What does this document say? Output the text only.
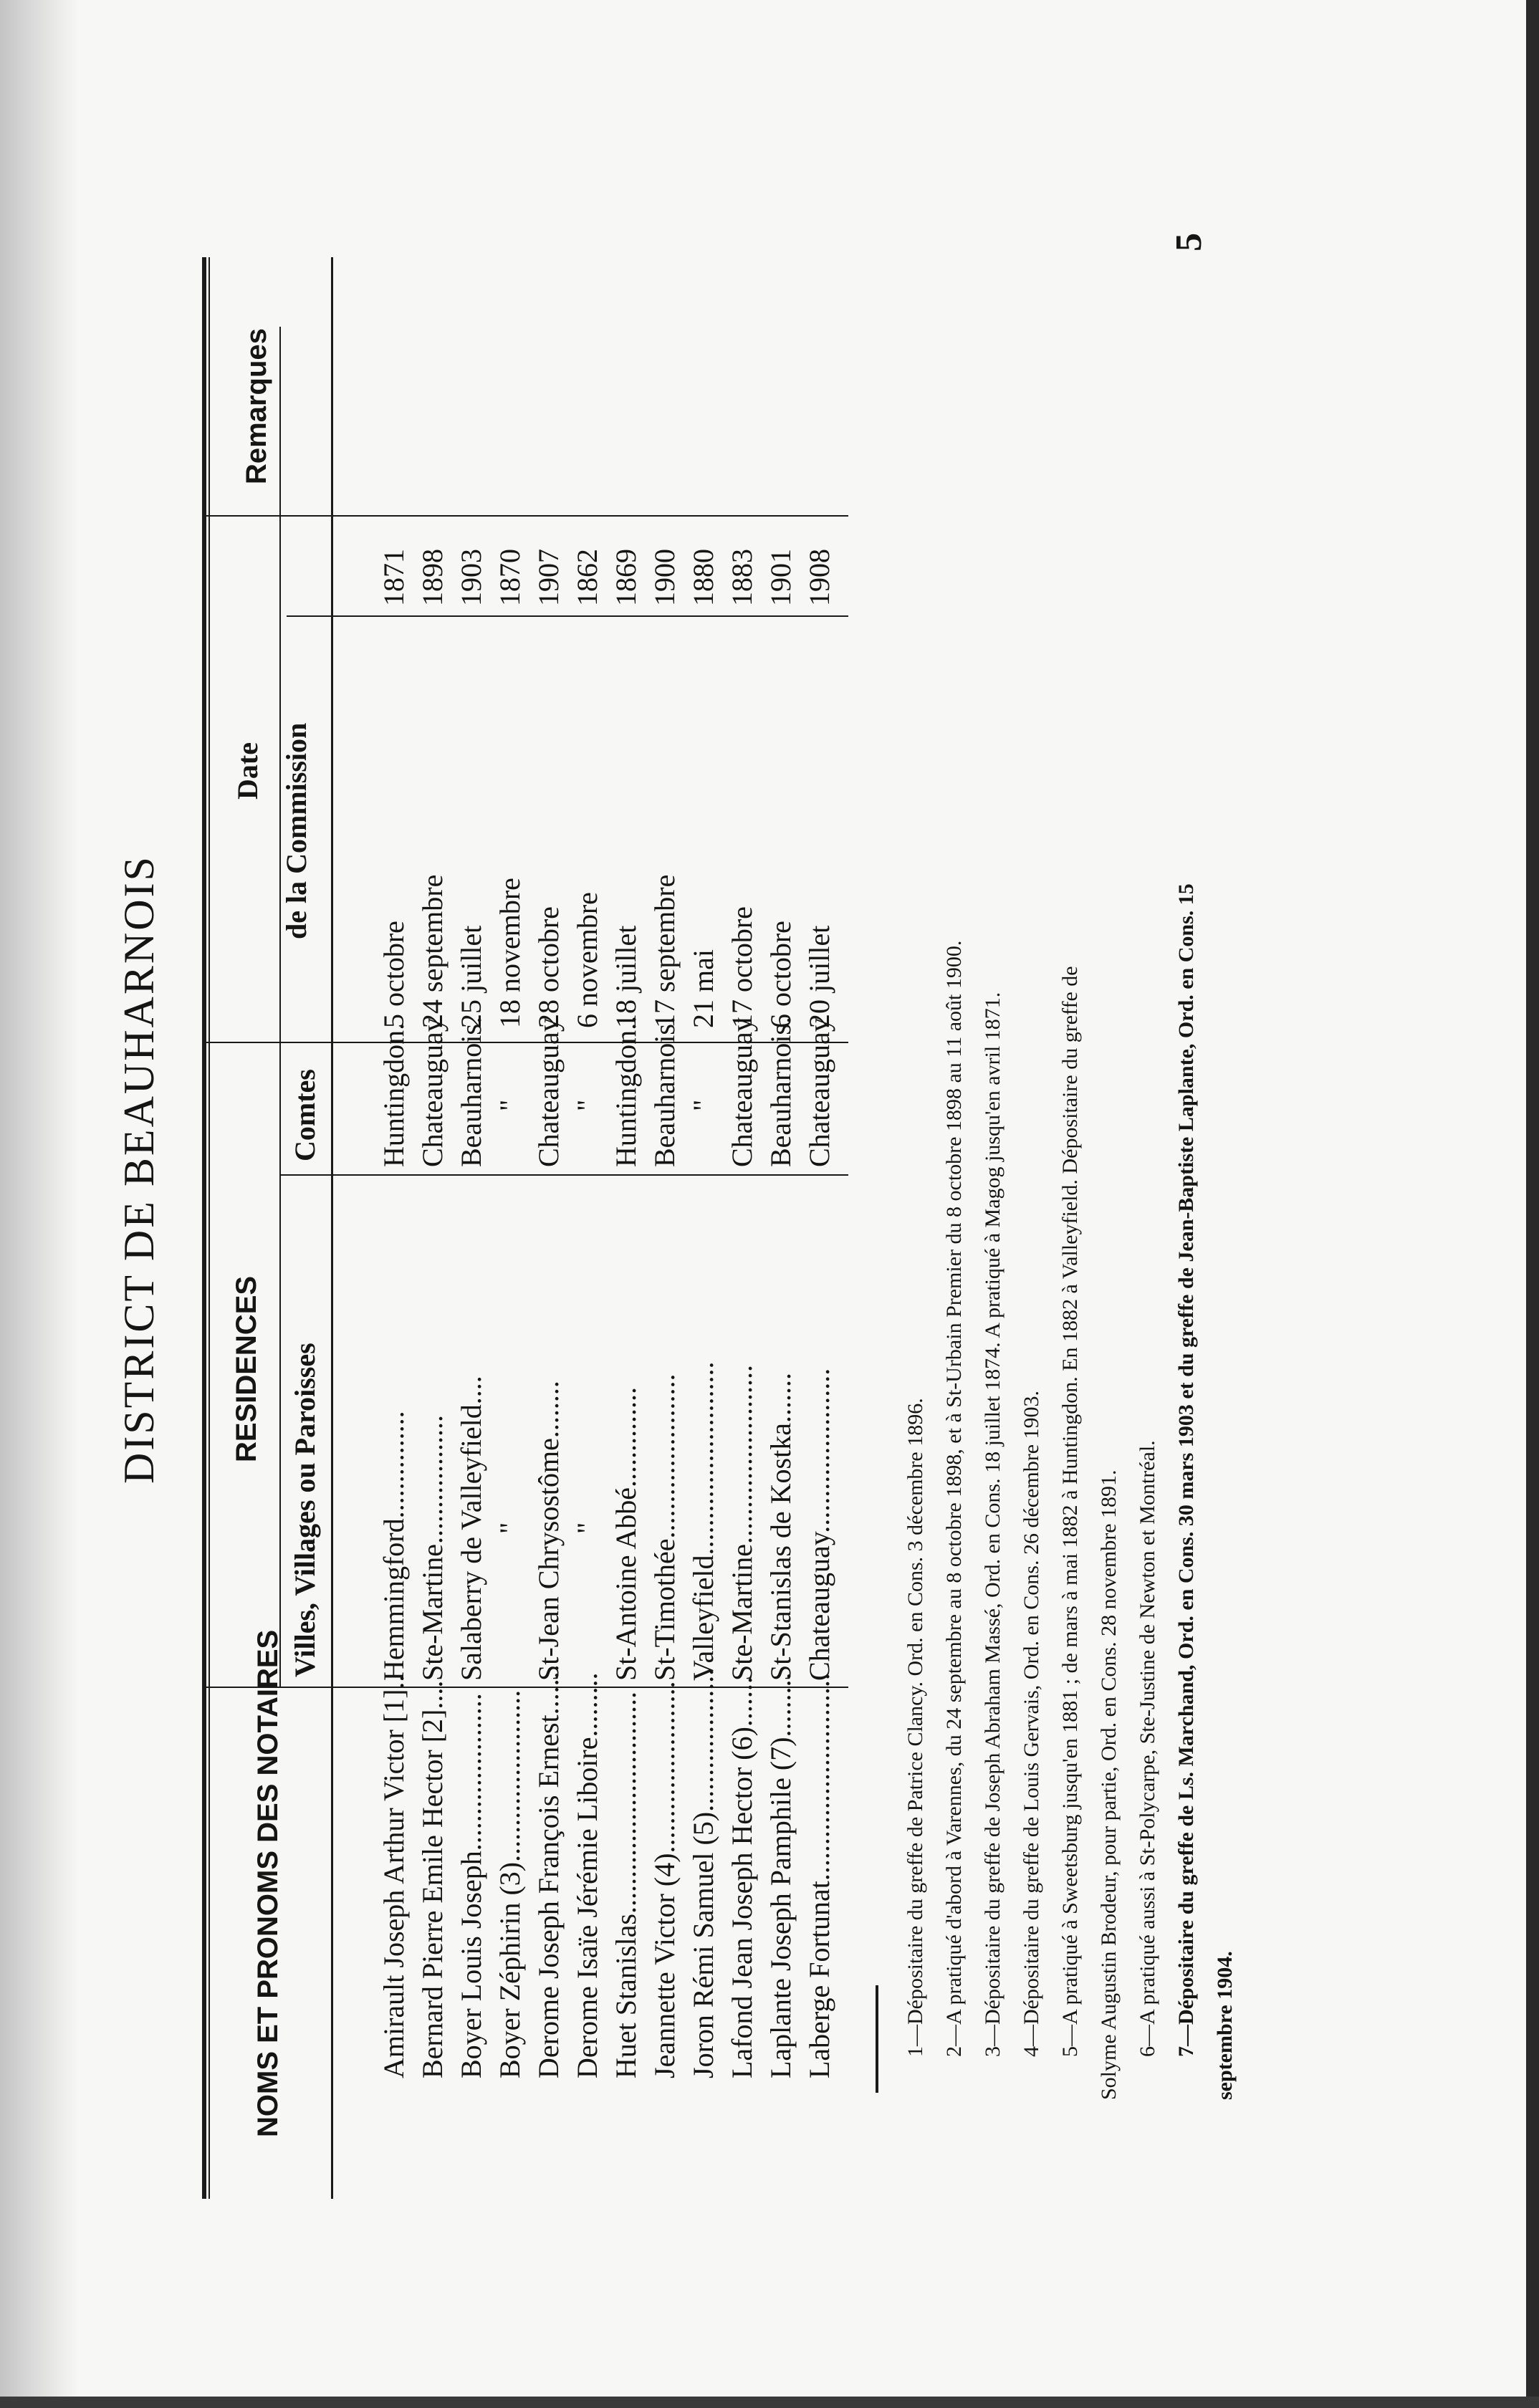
5
DISTRICT DE BEAUHARNOIS
NOMS ET PRONOMS DES NOTAIRES
RESIDENCES Villes, Villages ou Paroisses
Comtes
Date de la Commission
Remarques
Amirault Joseph Arthur Victor [1]..
Hemmingford...............
Huntingdon.
5 octobre
1871
Bernard Pierre Emile Hector [2]....
Ste-Martine..................
Chateauguay
24 septembre
1898
Boyer Louis Joseph......................
Salaberry de Valleyfield....
Beauharnois.
25 juillet
1903
Boyer Zéphirin (3)........................
"
"
18 novembre
1870
Derome Joseph François Ernest.......
St-Jean Chrysostôme........
Chateauguay
28 octobre
1907
Derome Isaïe Jérémie Liboire.........
"
"
6 novembre
1862
Huet Stanislas...............................
St-Antoine Abbé..............
Huntingdon..
18 juillet
1869
Jeannette Victor (4)........................
St-Timothée.......................
Beauharnois.
17 septembre
1900
Joron Rémi Samuel (5)....................
Valleyfield...........................
"
21 mai
1880
Lafond Jean Joseph Hector (6).......
Ste-Martine.........................
Chateauguay
17 octobre
1883
Laplante Joseph Pamphile (7).........
St-Stanislas de Kostka.......
Beauharnois.
6 octobre
1901
Laberge Fortunat.............................
Chateauguay.......................
Chateauguay
20 juillet
1908
1—Dépositaire du greffe de Patrice Clancy. Ord. en Cons. 3 décembre 1896. 2—A pratiqué d'abord à Varennes, du 24 septembre au 8 octobre 1898, et à St-Urbain Premier du 8 octobre 1898 au 11 août 1900. 3—Dépositaire du greffe de Joseph Abraham Massé, Ord. en Cons. 18 juillet 1874. A pratiqué à Magog jusqu'en avril 1871. 4—Dépositaire du greffe de Louis Gervais, Ord. en Cons. 26 décembre 1903. 5—A pratiqué à Sweetsburg jusqu'en 1881 ; de mars à mai 1882 à Huntingdon. En 1882 à Valleyfield. Dépositaire du greffe de Solyme Augustin Brodeur, pour partie, Ord. en Cons. 28 novembre 1891. 6—A pratiqué aussi à St-Polycarpe, Ste-Justine de Newton et Montréal. 7—Dépositaire du greffe de Ls. Marchand, Ord. en Cons. 30 mars 1903 et du greffe de Jean-Baptiste Laplante, Ord. en Cons. 15 septembre 1904.
